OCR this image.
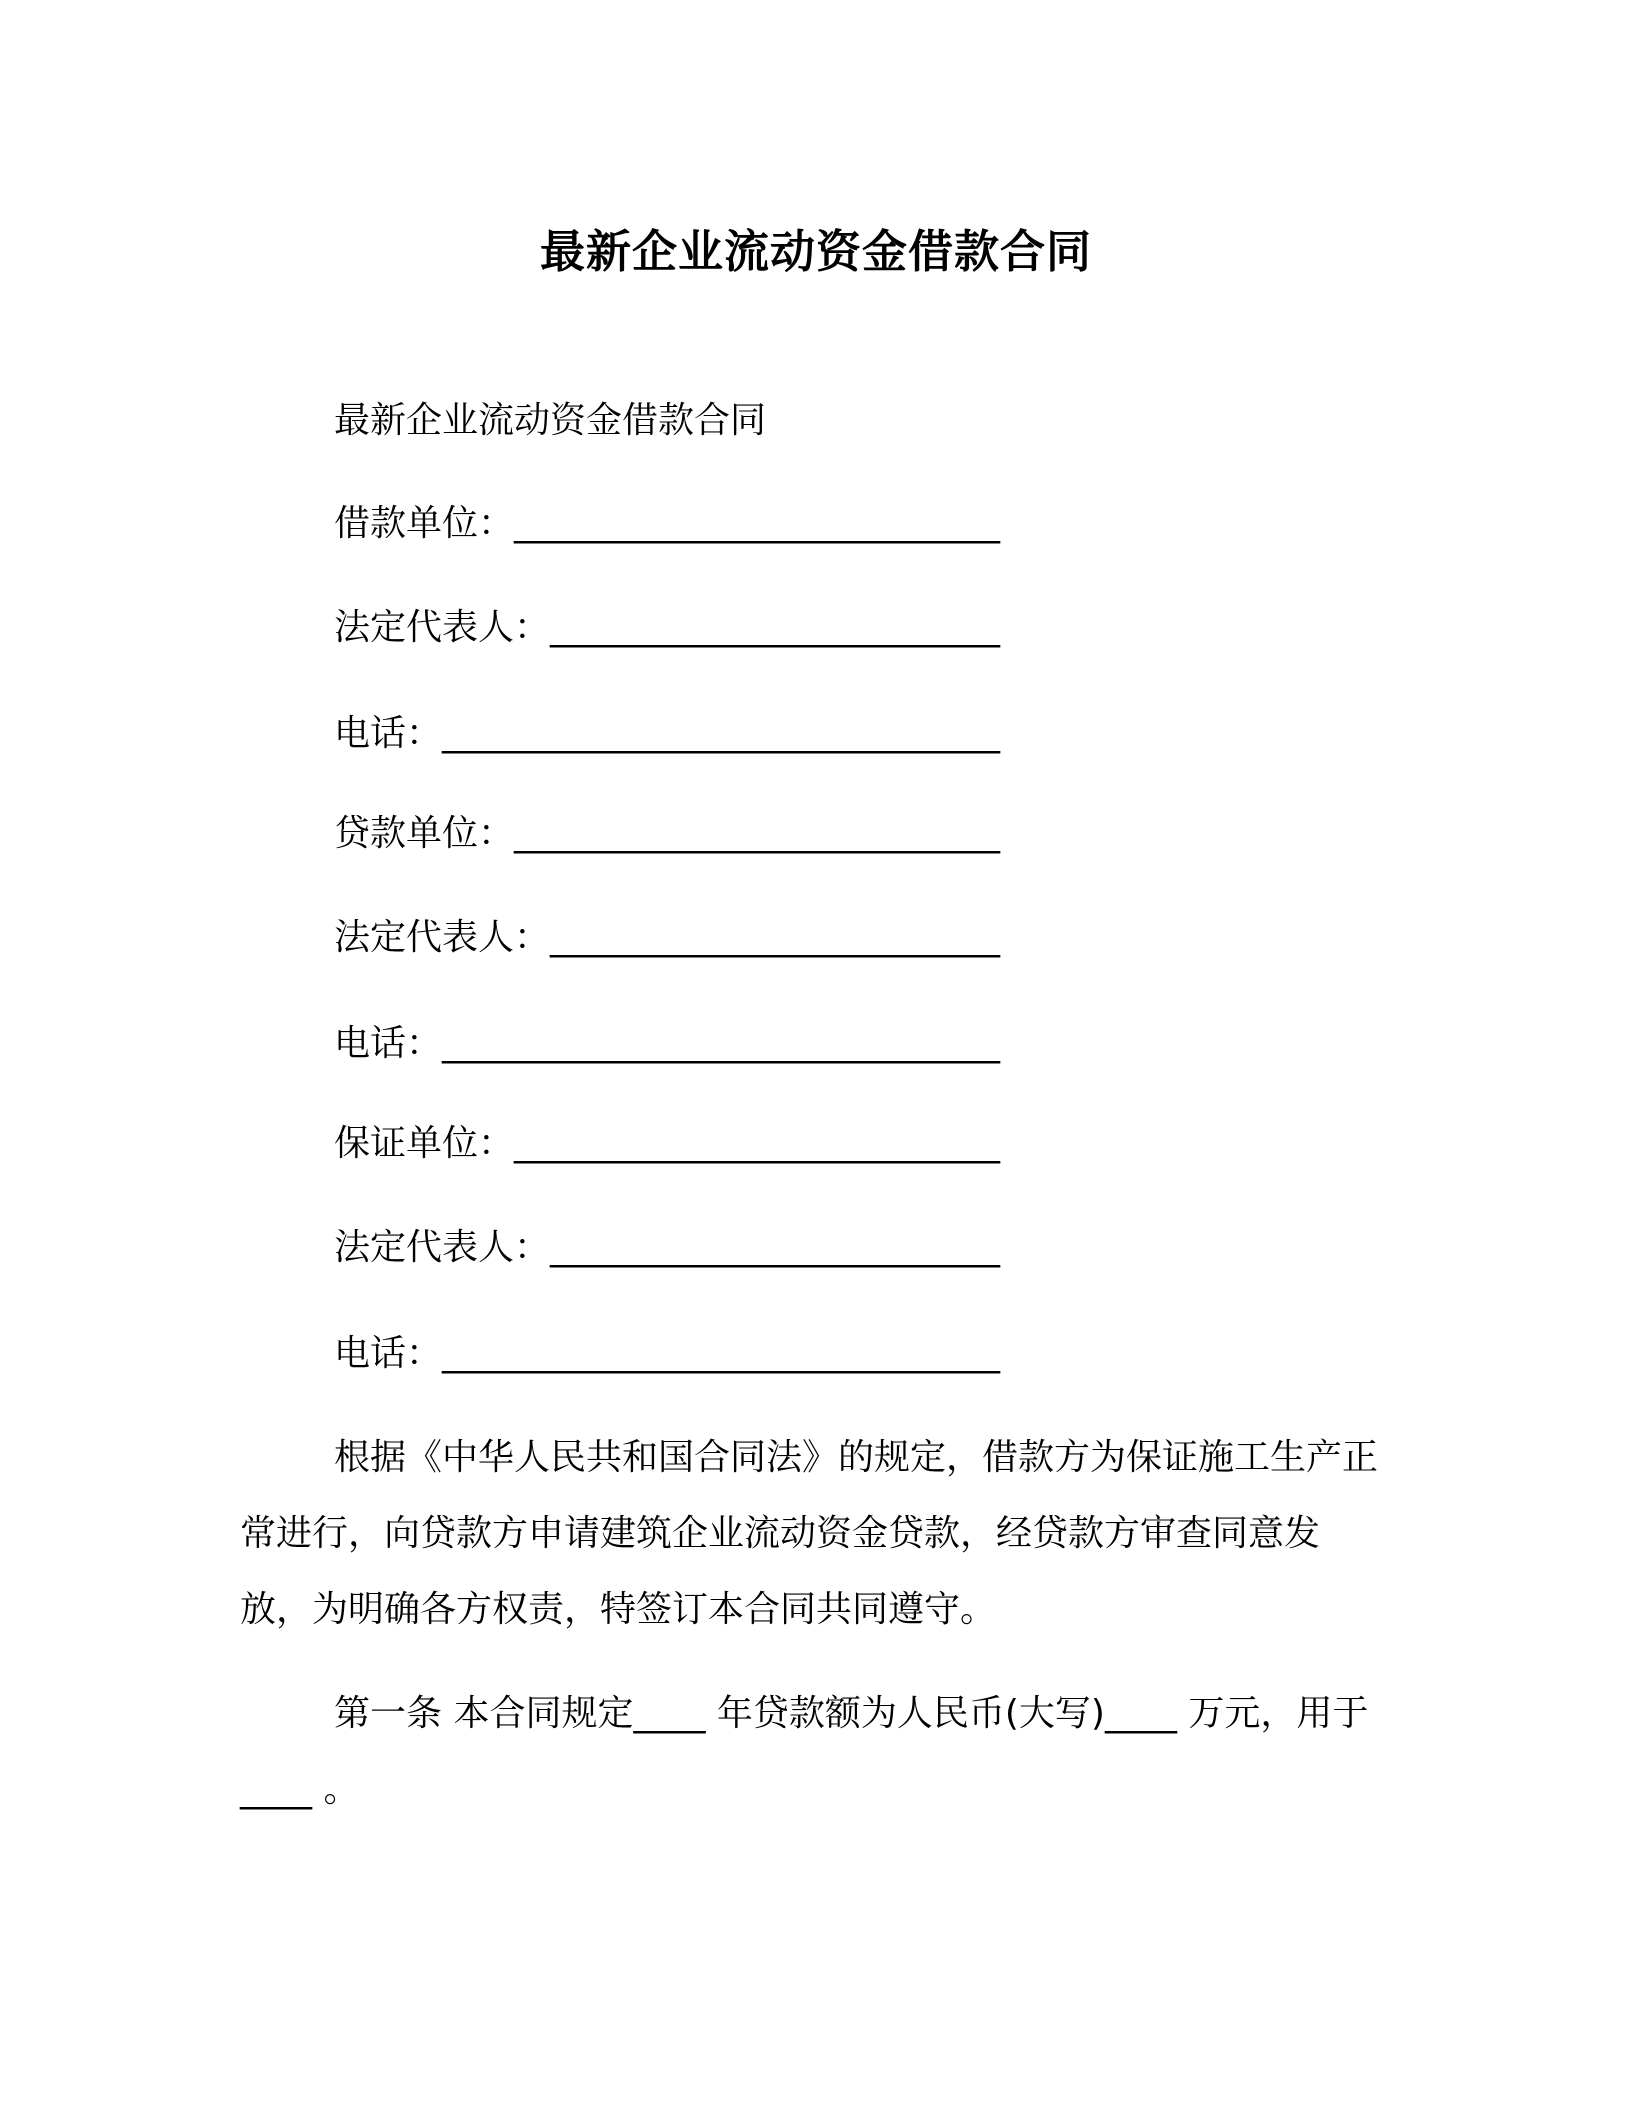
最新企业流动资金借款合同

最新企业流动资金借款合同

借款单位：___________________________

法定代表人：_________________________

电话：_______________________________

贷款单位：___________________________

法定代表人：_________________________

电话：_______________________________

保证单位：___________________________

法定代表人：_________________________

电话：_______________________________

根据《中华人民共和国合同法》的规定，借款方为保证施工生产正常进行，向贷款方申请建筑企业流动资金贷款，经贷款方审查同意发放，为明确各方权责，特签订本合同共同遵守。

第一条 本合同规定____ 年贷款额为人民币(大写)____ 万元，用于____ 。
